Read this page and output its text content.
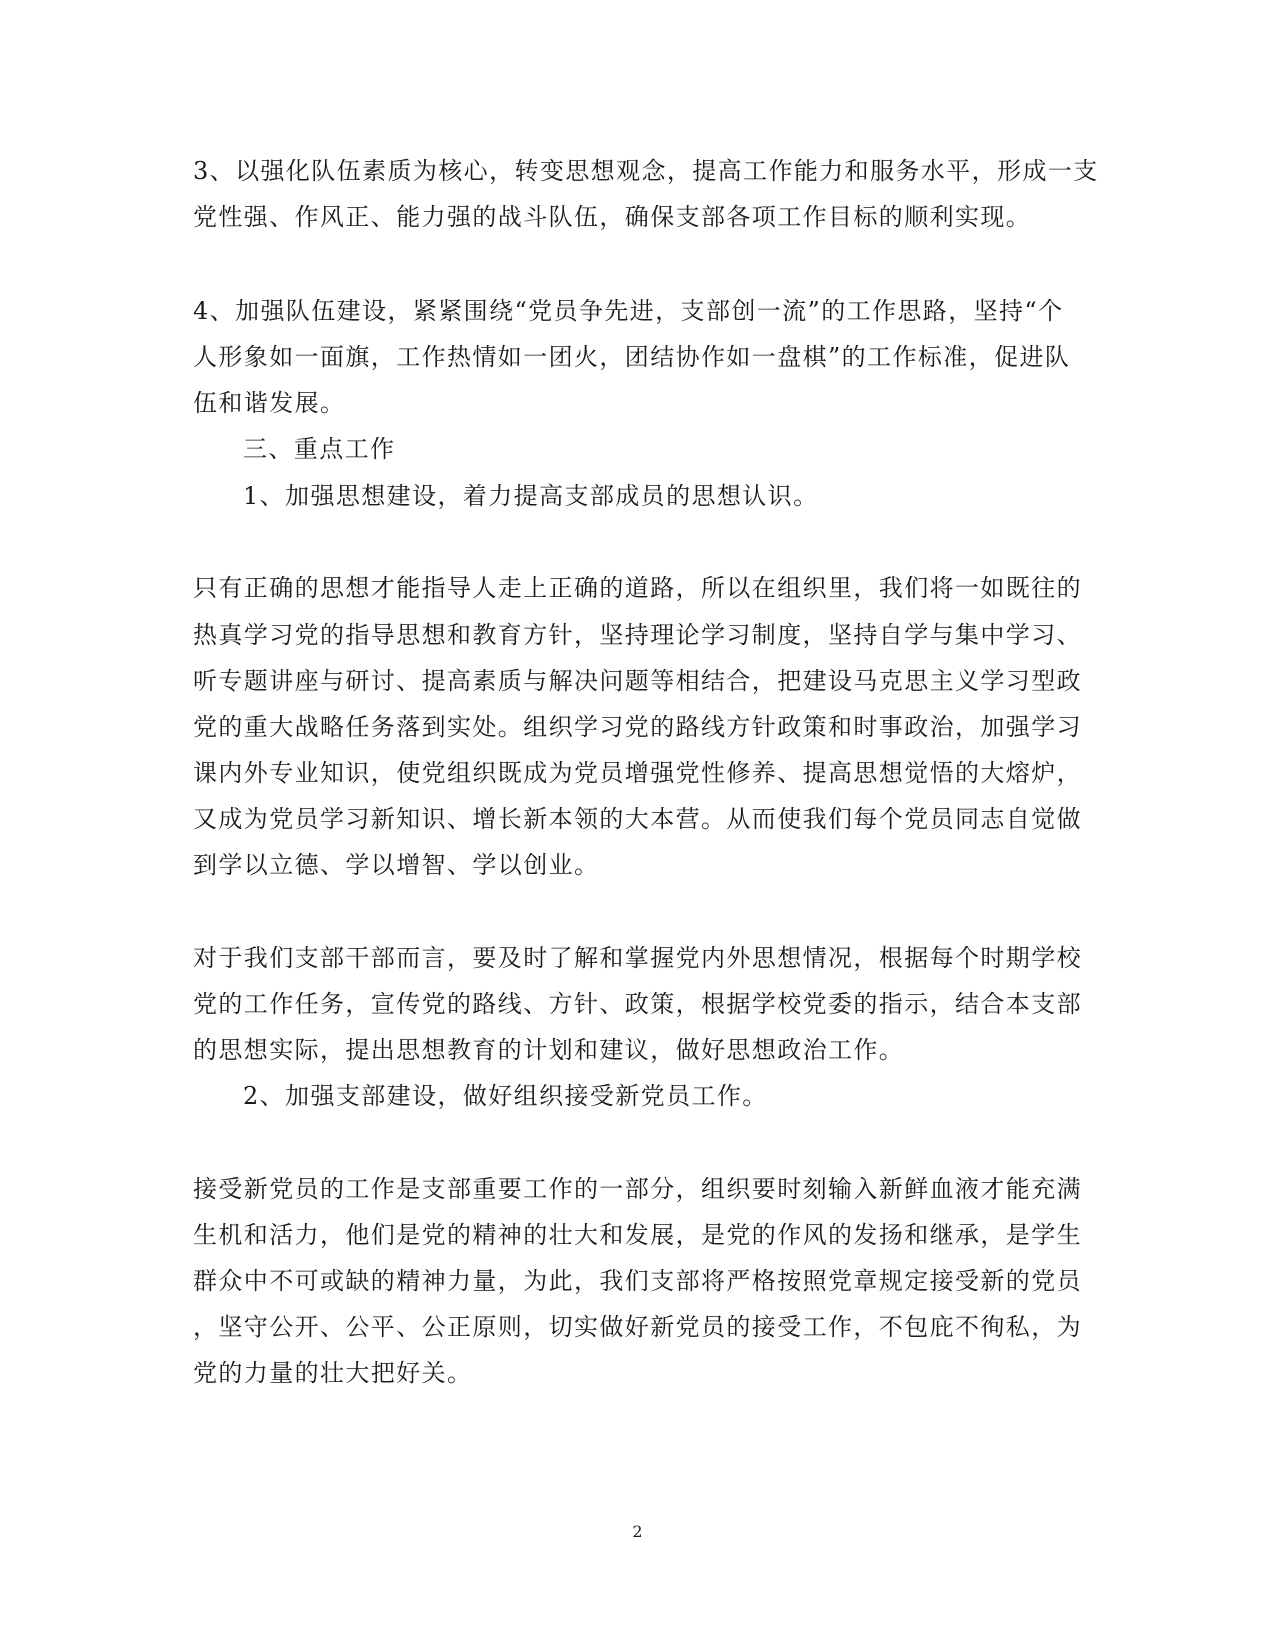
3、以强化队伍素质为核心，转变思想观念，提高工作能力和服务水平，形成一支
党性强、作风正、能力强的战斗队伍，确保支部各项工作目标的顺利实现。
4、加强队伍建设，紧紧围绕“党员争先进，支部创一流”的工作思路，坚持“个
人形象如一面旗，工作热情如一团火，团结协作如一盘棋”的工作标准，促进队
伍和谐发展。
三、重点工作
1、加强思想建设，着力提高支部成员的思想认识。
只有正确的思想才能指导人走上正确的道路，所以在组织里，我们将一如既往的
热真学习党的指导思想和教育方针，坚持理论学习制度，坚持自学与集中学习、
听专题讲座与研讨、提高素质与解决问题等相结合，把建设马克思主义学习型政
党的重大战略任务落到实处。组织学习党的路线方针政策和时事政治，加强学习
课内外专业知识，使党组织既成为党员增强党性修养、提高思想觉悟的大熔炉，
又成为党员学习新知识、增长新本领的大本营。从而使我们每个党员同志自觉做
到学以立德、学以增智、学以创业。
对于我们支部干部而言，要及时了解和掌握党内外思想情况，根据每个时期学校
党的工作任务，宣传党的路线、方针、政策，根据学校党委的指示，结合本支部
的思想实际，提出思想教育的计划和建议，做好思想政治工作。
2、加强支部建设，做好组织接受新党员工作。
接受新党员的工作是支部重要工作的一部分，组织要时刻输入新鲜血液才能充满
生机和活力，他们是党的精神的壮大和发展，是党的作风的发扬和继承，是学生
群众中不可或缺的精神力量，为此，我们支部将严格按照党章规定接受新的党员
，坚守公开、公平、公正原则，切实做好新党员的接受工作，不包庇不徇私，为
党的力量的壮大把好关。
2
